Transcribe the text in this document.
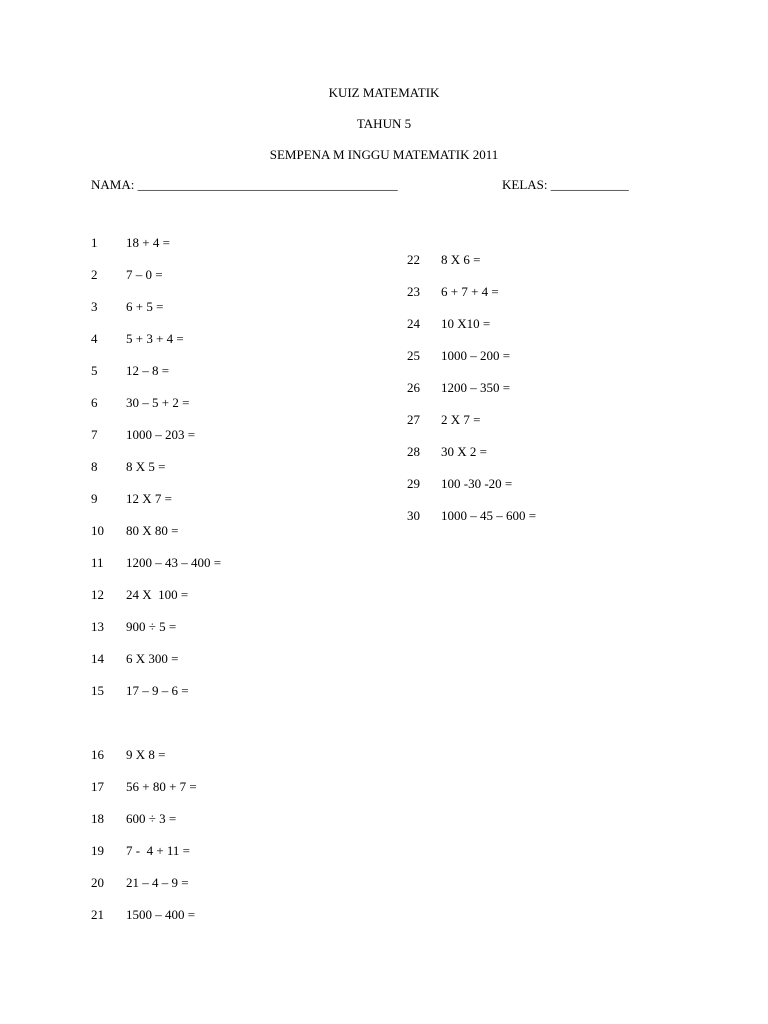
KUIZ MATEMATIK
TAHUN 5
SEMPENA M INGGU MATEMATIK 2011
NAMA: ________________________________________	KELAS: ____________
1 18 + 4 =
2 7 – 0 =
3 6 + 5 =
4 5 + 3 + 4 =
5 12 – 8 =
6 30 – 5 + 2 =
7 1000 – 203 =
8 8 X 5 =
9 12 X 7 =
10 80 X 80 =
11 1200 – 43 – 400 =
12 24 X  100 =
13 900 ÷ 5 =
14 6 X 300 =
15 17 – 9 – 6 =
16 9 X 8 =
17 56 + 80 + 7 =
18 600 ÷ 3 =
19 7 -  4 + 11 =
20 21 – 4 – 9 =
21 1500 – 400 =
22 8 X 6 =
23 6 + 7 + 4 =
24 10 X10 =
25 1000 – 200 =
26 1200 – 350 =
27 2 X 7 =
28 30 X 2 =
29 100 -30 -20 =
30 1000 – 45 – 600 =
